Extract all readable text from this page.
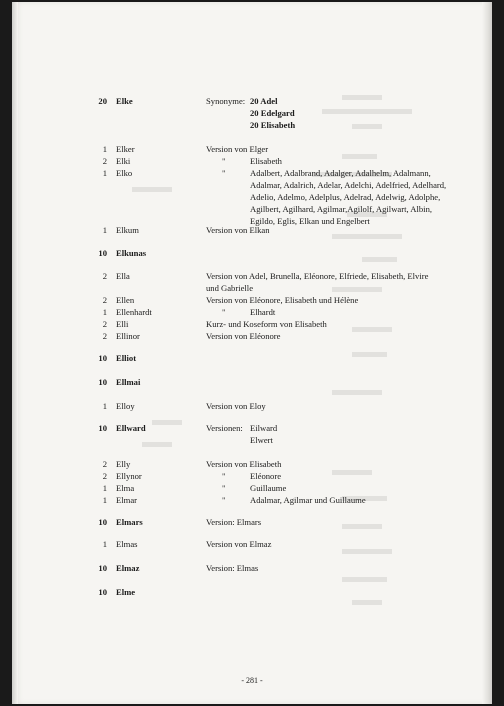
20 Elke	Synonyme: 20 Adel
20 Edelgard
20 Elisabeth
1 Elker	Version von Elger
2 Elki	"	Elisabeth
1 Elko	"	Adalbert, Adalbrand, Adalger, Adalhelm, Adalmann,
Adalmar, Adalrich, Adelar, Adelchi, Adelfried, Adelhard,
Adelio, Adelmo, Adelplus, Adelrad, Adelwig, Adolphe,
Agilbert, Agilhard, Agilmar,Agilolf, Agilwart, Albin,
Egildo, Eglis, Elkan und Engelbert
1 Elkum	Version von Elkan
10 Elkunas
2 Ella	Version von Adel, Brunella, Eléonore, Elfriede, Elisabeth, Elvire
und Gabrielle
2 Ellen	Version von Eléonore, Elisabeth und Hélène
1 Ellenhardt	"	Elhardt
2 Elli	Kurz- und Koseform von Elisabeth
2 Ellinor	Version von Eléonore
10 Elliot
10 Ellmai
1 Elloy	Version von Eloy
10 Ellward	Versionen: Eilward
Elwert
2 Elly	Version von Elisabeth
2 Ellynor	"	Eléonore
1 Elma	"	Guillaume
1 Elmar	"	Adalmar, Agilmar und Guillaume
10 Elmars	Version: Elmars
1 Elmas	Version von Elmaz
10 Elmaz	Version: Elmas
10 Elme
- 281 -
